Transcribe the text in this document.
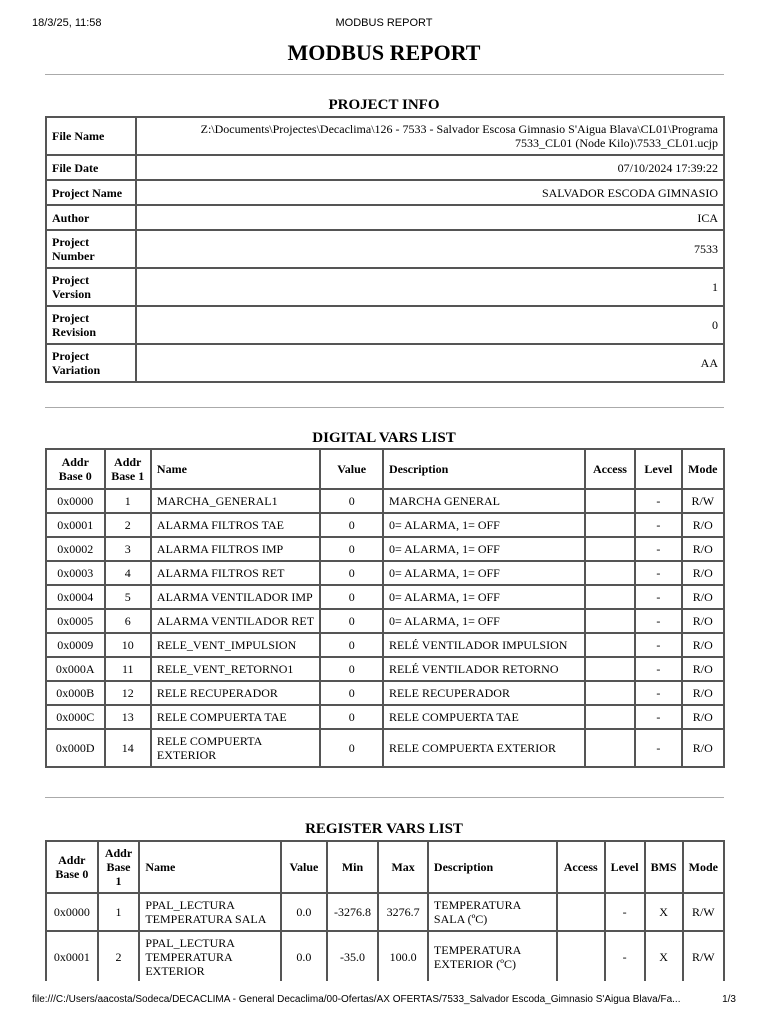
18/3/25, 11:58	MODBUS REPORT
MODBUS REPORT
PROJECT INFO
File Name	Z:\Documents\Projectes\Decaclima\126 - 7533 - Salvador Escosa Gimnasio S'Aigua Blava\CL01\Programa 7533_CL01 (Node Kilo)\7533_CL01.ucjp
File Date	07/10/2024 17:39:22
Project Name	SALVADOR ESCODA GIMNASIO
Author	ICA
Project Number	7533
Project Version	1
Project Revision	0
Project Variation	AA
DIGITAL VARS LIST
Addr Base 0	Addr Base 1	Name	Value	Description	Access	Level	Mode
0x0000	1	MARCHA_GENERAL1	0	MARCHA GENERAL		-	R/W
0x0001	2	ALARMA FILTROS TAE	0	0= ALARMA, 1= OFF		-	R/O
0x0002	3	ALARMA FILTROS IMP	0	0= ALARMA, 1= OFF		-	R/O
0x0003	4	ALARMA FILTROS RET	0	0= ALARMA, 1= OFF		-	R/O
0x0004	5	ALARMA VENTILADOR IMP	0	0= ALARMA, 1= OFF		-	R/O
0x0005	6	ALARMA VENTILADOR RET	0	0= ALARMA, 1= OFF		-	R/O
0x0009	10	RELE_VENT_IMPULSION	0	RELÉ VENTILADOR IMPULSION		-	R/O
0x000A	11	RELE_VENT_RETORNO1	0	RELÉ VENTILADOR RETORNO		-	R/O
0x000B	12	RELE RECUPERADOR	0	RELE RECUPERADOR		-	R/O
0x000C	13	RELE COMPUERTA TAE	0	RELE COMPUERTA TAE		-	R/O
0x000D	14	RELE COMPUERTA EXTERIOR	0	RELE COMPUERTA EXTERIOR		-	R/O
REGISTER VARS LIST
Addr Base 0	Addr Base 1	Name	Value	Min	Max	Description	Access	Level	BMS	Mode
0x0000	1	PPAL_LECTURA TEMPERATURA SALA	0.0	-3276.8	3276.7	TEMPERATURA SALA (ºC)		-	X	R/W
0x0001	2	PPAL_LECTURA TEMPERATURA EXTERIOR	0.0	-35.0	100.0	TEMPERATURA EXTERIOR (ºC)		-	X	R/W
file:///C:/Users/aacosta/Sodeca/DECACLIMA - General Decaclima/00-Ofertas/AX OFERTAS/7533_Salvador Escoda_Gimnasio S'Aigua Blava/Fa...	1/3
